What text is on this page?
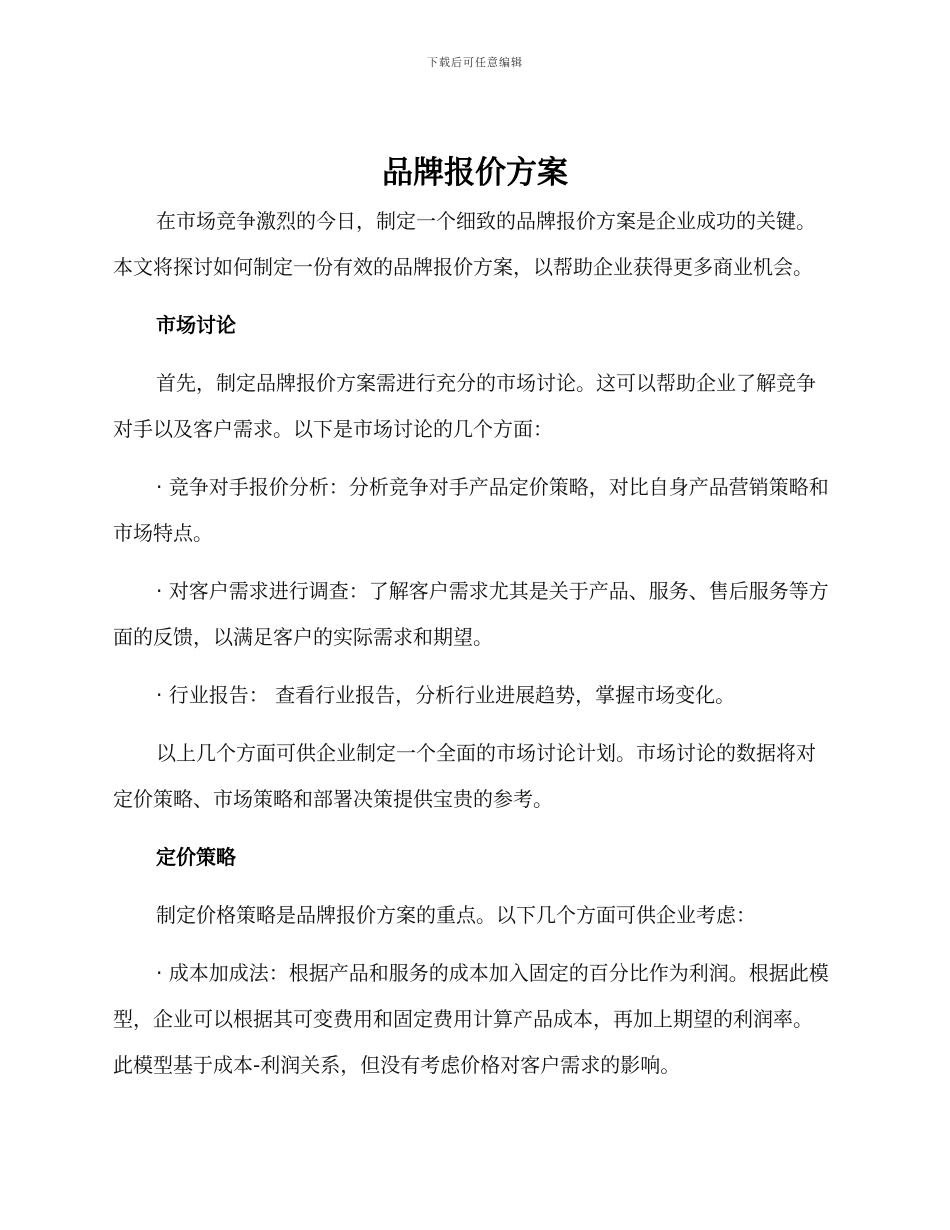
下载后可任意编辑
品牌报价方案

在市场竞争激烈的今日，制定一个细致的品牌报价方案是企业成功的关键。本文将探讨如何制定一份有效的品牌报价方案，以帮助企业获得更多商业机会。

市场讨论

首先，制定品牌报价方案需进行充分的市场讨论。这可以帮助企业了解竞争对手以及客户需求。以下是市场讨论的几个方面：

· 竞争对手报价分析：分析竞争对手产品定价策略，对比自身产品营销策略和市场特点。

· 对客户需求进行调查：了解客户需求尤其是关于产品、服务、售后服务等方面的反馈，以满足客户的实际需求和期望。

· 行业报告： 查看行业报告，分析行业进展趋势，掌握市场变化。

以上几个方面可供企业制定一个全面的市场讨论计划。市场讨论的数据将对定价策略、市场策略和部署决策提供宝贵的参考。

定价策略

制定价格策略是品牌报价方案的重点。以下几个方面可供企业考虑：

· 成本加成法：根据产品和服务的成本加入固定的百分比作为利润。根据此模型，企业可以根据其可变费用和固定费用计算产品成本，再加上期望的利润率。此模型基于成本-利润关系，但没有考虑价格对客户需求的影响。
